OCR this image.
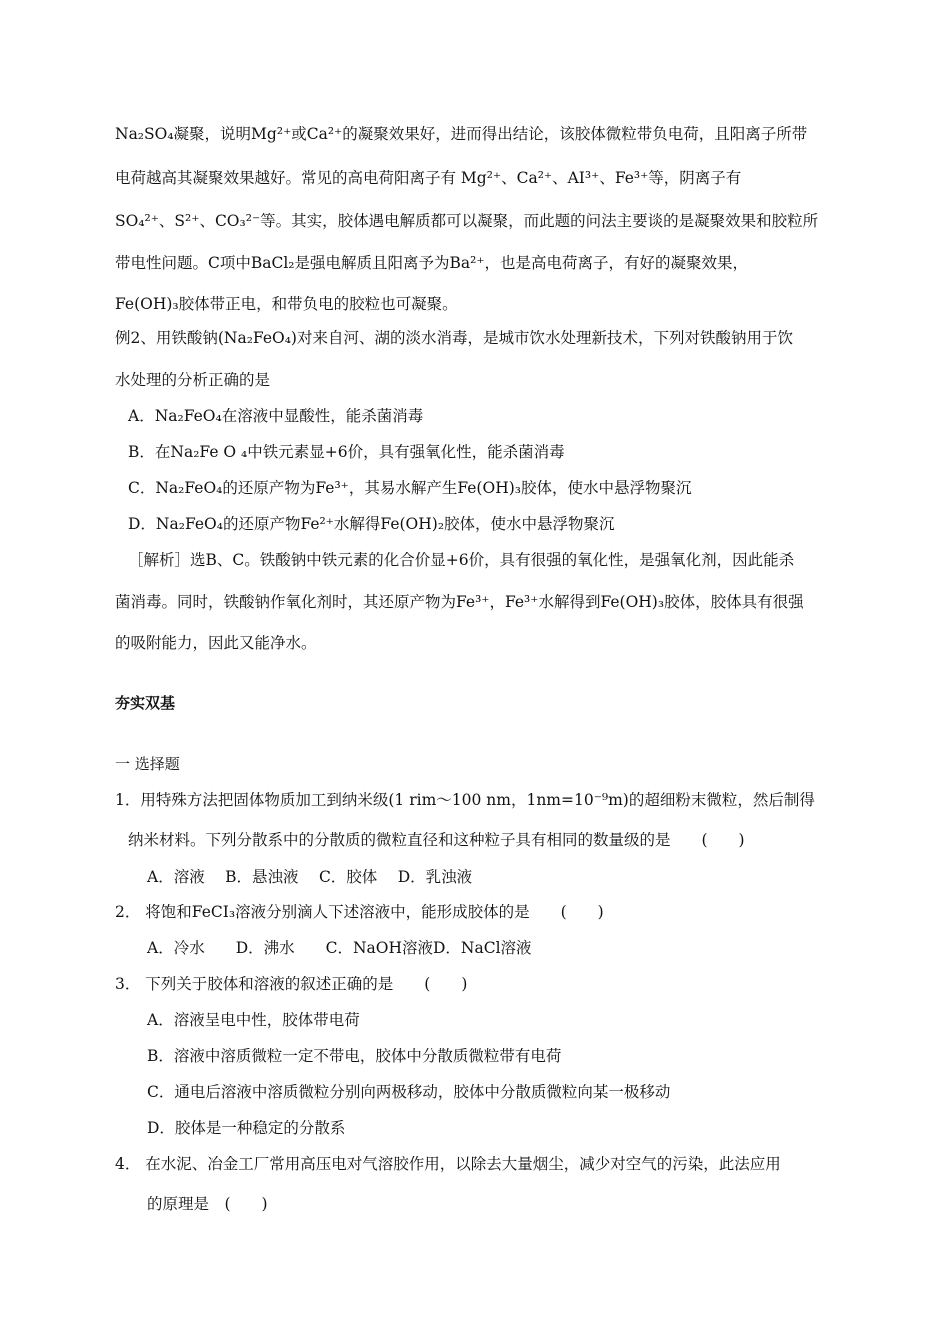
Na₂SO₄凝聚，说明Mg²⁺或Ca²⁺的凝聚效果好，进而得出结论，该胶体微粒带负电荷，且阳离子所带
电荷越高其凝聚效果越好。常见的高电荷阳离子有 Mg²⁺、Ca²⁺、AI³⁺、Fe³⁺等，阴离子有
SO₄²⁺、S²⁺、CO₃²⁻等。其实，胶体遇电解质都可以凝聚，而此题的问法主要谈的是凝聚效果和胶粒所
带电性问题。C项中BaCl₂是强电解质且阳离予为Ba²⁺，也是高电荷离子，有好的凝聚效果，
Fe(OH)₃胶体带正电，和带负电的胶粒也可凝聚。
例2、用铁酸钠(Na₂FeO₄)对来自河、湖的淡水消毒，是城市饮水处理新技术，下列对铁酸钠用于饮
水处理的分析正确的是
A．Na₂FeO₄在溶液中显酸性，能杀菌消毒
B．在Na₂Fe O ₄中铁元素显+6价，具有强氧化性，能杀菌消毒
C．Na₂FeO₄的还原产物为Fe³⁺，其易水解产生Fe(OH)₃胶体，使水中悬浮物聚沉
D．Na₂FeO₄的还原产物Fe²⁺水解得Fe(OH)₂胶体，使水中悬浮物聚沉
［解析］选B、C。铁酸钠中铁元素的化合价显+6价，具有很强的氧化性，是强氧化剂，因此能杀
菌消毒。同时，铁酸钠作氧化剂时，其还原产物为Fe³⁺，Fe³⁺水解得到Fe(OH)₃胶体，胶体具有很强
的吸附能力，因此又能净水。
夯实双基
一 选择题
1．用特殊方法把固体物质加工到纳米级(1 rim～100 nm，1nm=10⁻⁹m)的超细粉末微粒，然后制得
纳米材料。下列分散系中的分散质的微粒直径和这种粒子具有相同的数量级的是　　(　　)
A．溶液　 B．悬浊液　 C．胶体　 D．乳浊液
2． 将饱和FeCI₃溶液分别滴人下述溶液中，能形成胶体的是　　(　　)
A．冷水　　D．沸水　　C．NaOH溶液D．NaCl溶液
3． 下列关于胶体和溶液的叙述正确的是　　(　　)
A．溶液呈电中性，胶体带电荷
B．溶液中溶质微粒一定不带电，胶体中分散质微粒带有电荷
C．通电后溶液中溶质微粒分别向两极移动，胶体中分散质微粒向某一极移动
D．胶体是一种稳定的分散系
4． 在水泥、冶金工厂常用高压电对气溶胶作用，以除去大量烟尘，减少对空气的污染，此法应用
的原理是　(　　)
